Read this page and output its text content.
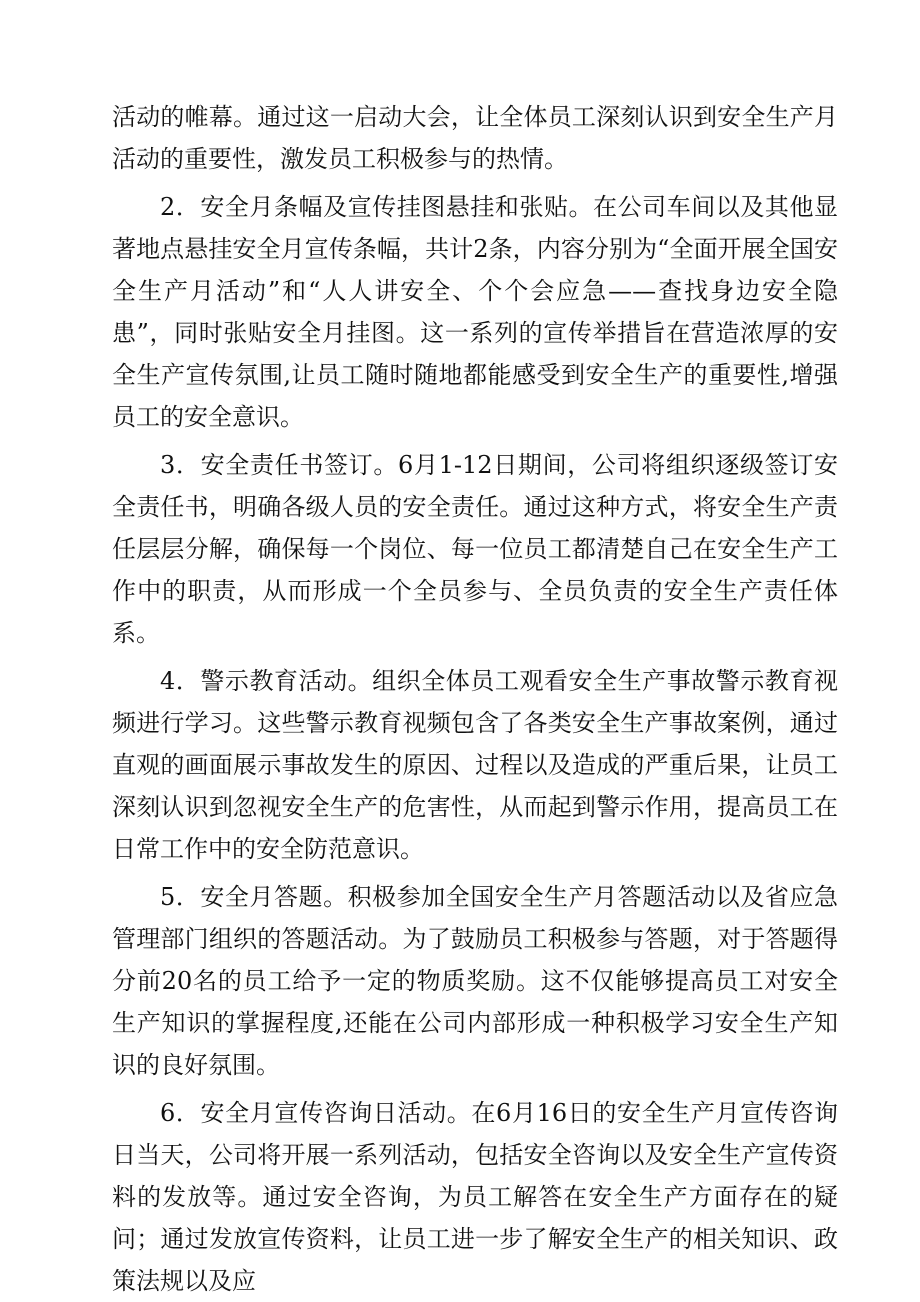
活动的帷幕。通过这一启动大会，让全体员工深刻认识到安全生产月活动的重要性，激发员工积极参与的热情。

2．安全月条幅及宣传挂图悬挂和张贴。在公司车间以及其他显著地点悬挂安全月宣传条幅，共计2条，内容分别为“全面开展全国安全生产月活动”和“人人讲安全、个个会应急——查找身边安全隐患”，同时张贴安全月挂图。这一系列的宣传举措旨在营造浓厚的安全生产宣传氛围,让员工随时随地都能感受到安全生产的重要性,增强员工的安全意识。

3．安全责任书签订。6月1-12日期间，公司将组织逐级签订安全责任书，明确各级人员的安全责任。通过这种方式，将安全生产责任层层分解，确保每一个岗位、每一位员工都清楚自己在安全生产工作中的职责，从而形成一个全员参与、全员负责的安全生产责任体系。

4．警示教育活动。组织全体员工观看安全生产事故警示教育视频进行学习。这些警示教育视频包含了各类安全生产事故案例，通过直观的画面展示事故发生的原因、过程以及造成的严重后果，让员工深刻认识到忽视安全生产的危害性，从而起到警示作用，提高员工在日常工作中的安全防范意识。

5．安全月答题。积极参加全国安全生产月答题活动以及省应急管理部门组织的答题活动。为了鼓励员工积极参与答题，对于答题得分前20名的员工给予一定的物质奖励。这不仅能够提高员工对安全生产知识的掌握程度,还能在公司内部形成一种积极学习安全生产知识的良好氛围。

6．安全月宣传咨询日活动。在6月16日的安全生产月宣传咨询日当天，公司将开展一系列活动，包括安全咨询以及安全生产宣传资料的发放等。通过安全咨询，为员工解答在安全生产方面存在的疑问；通过发放宣传资料，让员工进一步了解安全生产的相关知识、政策法规以及应
